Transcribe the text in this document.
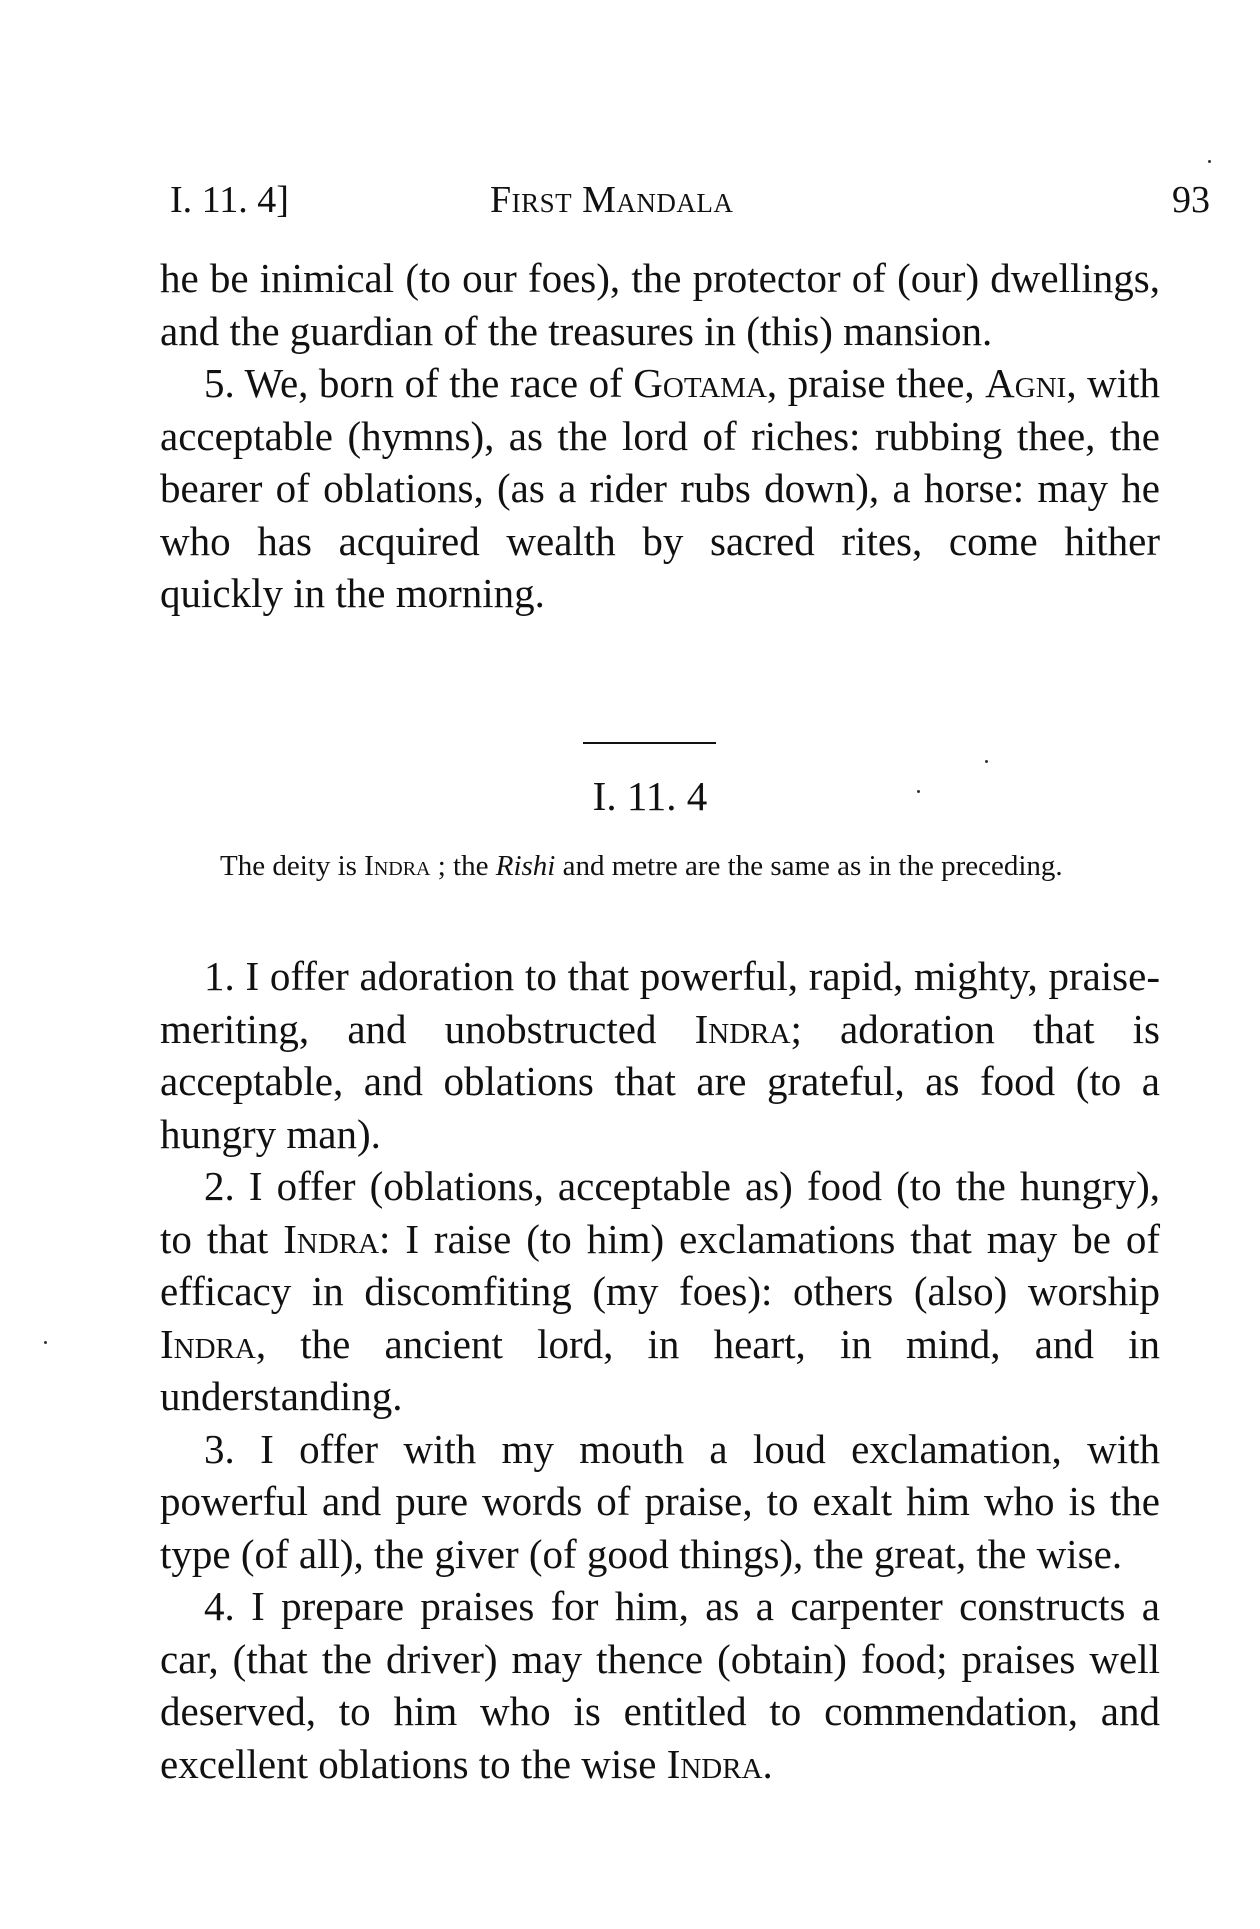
I. 11. 4]	First Mandala	93

he be inimical (to our foes), the protector of (our) dwellings, and the guardian of the treasures in (this) mansion.

5. We, born of the race of Gotama, praise thee, Agni, with acceptable (hymns), as the lord of riches: rubbing thee, the bearer of oblations, (as a rider rubs down), a horse: may he who has acquired wealth by sacred rites, come hither quickly in the morning.

I. 11. 4

The deity is Indra ; the Rishi and metre are the same as in the preceding.

1. I offer adoration to that powerful, rapid, mighty, praise-meriting, and unobstructed Indra; adoration that is acceptable, and oblations that are grateful, as food (to a hungry man).

2. I offer (oblations, acceptable as) food (to the hungry), to that Indra: I raise (to him) exclamations that may be of efficacy in discomfiting (my foes): others (also) worship Indra, the ancient lord, in heart, in mind, and in understanding.

3. I offer with my mouth a loud exclamation, with powerful and pure words of praise, to exalt him who is the type (of all), the giver (of good things), the great, the wise.

4. I prepare praises for him, as a carpenter constructs a car, (that the driver) may thence (obtain) food; praises well deserved, to him who is entitled to commendation, and excellent oblations to the wise Indra.
